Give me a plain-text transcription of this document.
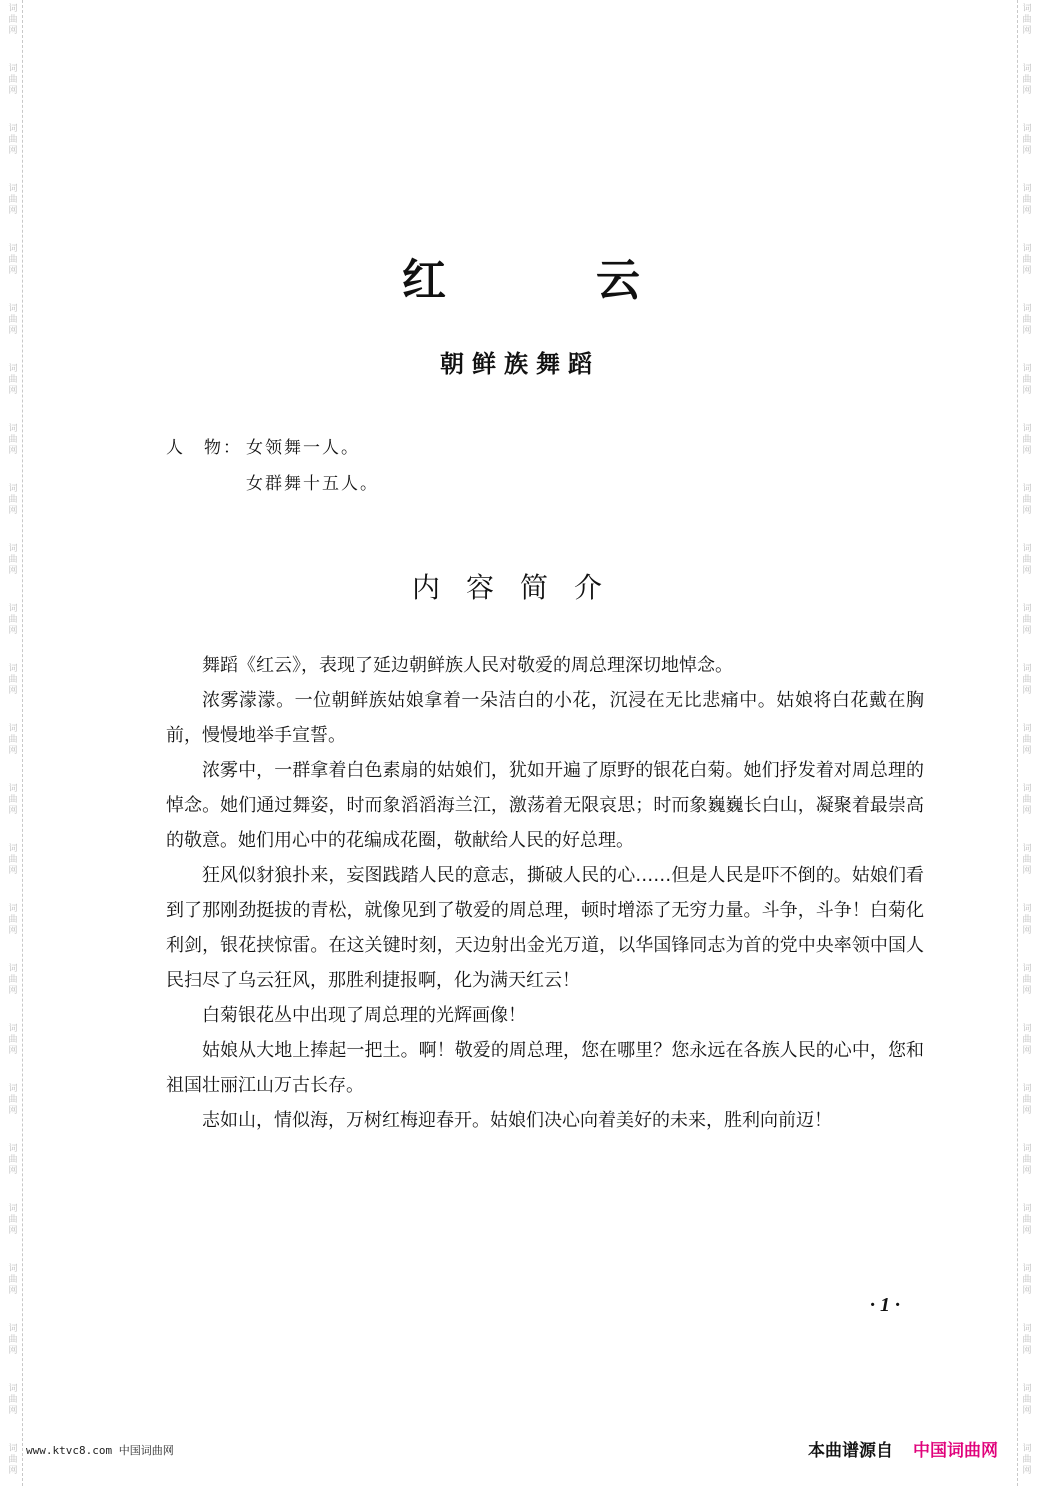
词曲网
词曲网
词曲网
词曲网
词曲网
词曲网
词曲网
词曲网
词曲网
词曲网
词曲网
词曲网
词曲网
词曲网
词曲网
词曲网
词曲网
词曲网
词曲网
词曲网
词曲网
词曲网
词曲网
词曲网
词曲网
词曲网
词曲网
词曲网
词曲网
词曲网
词曲网
词曲网
词曲网
词曲网
词曲网
词曲网
词曲网
词曲网
词曲网
词曲网
词曲网
词曲网
词曲网
词曲网
词曲网
词曲网
词曲网
词曲网
词曲网
词曲网
红	云
朝鲜族舞蹈
人　物： 女领舞一人。
女群舞十五人。
内容简介

舞蹈《红云》，表现了延边朝鲜族人民对敬爱的周总理深切地悼念。

浓雾濛濛。一位朝鲜族姑娘拿着一朵洁白的小花，沉浸在无比悲痛中。姑娘将白花戴在胸前，慢慢地举手宣誓。

浓雾中，一群拿着白色素扇的姑娘们，犹如开遍了原野的银花白菊。她们抒发着对周总理的悼念。她们通过舞姿，时而象滔滔海兰江，激荡着无限哀思；时而象巍巍长白山，凝聚着最崇高的敬意。她们用心中的花编成花圈，敬献给人民的好总理。

狂风似豺狼扑来，妄图践踏人民的意志，撕破人民的心……但是人民是吓不倒的。姑娘们看到了那刚劲挺拔的青松，就像见到了敬爱的周总理，顿时增添了无穷力量。斗争，斗争！白菊化利剑，银花挟惊雷。在这关键时刻，天边射出金光万道，以华国锋同志为首的党中央率领中国人民扫尽了乌云狂风，那胜利捷报啊，化为满天红云！

白菊银花丛中出现了周总理的光辉画像！

姑娘从大地上捧起一把土。啊！敬爱的周总理，您在哪里？您永远在各族人民的心中，您和祖国壮丽江山万古长存。

志如山，情似海，万树红梅迎春开。姑娘们决心向着美好的未来，胜利向前迈！

· 1 ·
www.ktvc8.com 中国词曲网	本曲谱源自 中国词曲网
